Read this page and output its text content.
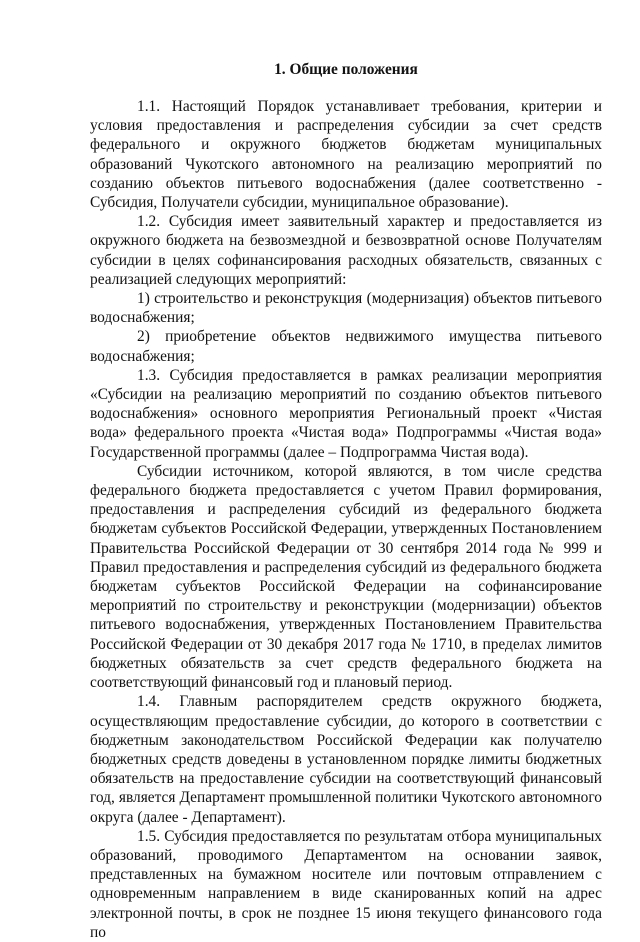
1. Общие положения

1.1. Настоящий Порядок устанавливает требования, критерии и условия предоставления и распределения субсидии за счет средств федерального и окружного бюджетов бюджетам муниципальных образований Чукотского автономного на реализацию мероприятий по созданию объектов питьевого водоснабжения (далее соответственно - Субсидия, Получатели субсидии, муниципальное образование).

1.2. Субсидия имеет заявительный характер и предоставляется из окружного бюджета на безвозмездной и безвозвратной основе Получателям субсидии в целях софинансирования расходных обязательств, связанных с реализацией следующих мероприятий:

1) строительство и реконструкция (модернизация) объектов питьевого водоснабжения;

2) приобретение объектов недвижимого имущества питьевого водоснабжения;

1.3. Субсидия предоставляется в рамках реализации мероприятия «Субсидии на реализацию мероприятий по созданию объектов питьевого водоснабжения» основного мероприятия Региональный проект «Чистая вода» федерального проекта «Чистая вода» Подпрограммы «Чистая вода» Государственной программы (далее – Подпрограмма Чистая вода).

Субсидии источником, которой являются, в том числе средства федерального бюджета предоставляется с учетом Правил формирования, предоставления и распределения субсидий из федерального бюджета бюджетам субъектов Российской Федерации, утвержденных Постановлением Правительства Российской Федерации от 30 сентября 2014 года № 999 и Правил предоставления и распределения субсидий из федерального бюджета бюджетам субъектов Российской Федерации на софинансирование мероприятий по строительству и реконструкции (модернизации) объектов питьевого водоснабжения, утвержденных Постановлением Правительства Российской Федерации от 30 декабря 2017 года № 1710, в пределах лимитов бюджетных обязательств за счет средств федерального бюджета на соответствующий финансовый год и плановый период.

1.4. Главным распорядителем средств окружного бюджета, осуществляющим предоставление субсидии, до которого в соответствии с бюджетным законодательством Российской Федерации как получателю бюджетных средств доведены в установленном порядке лимиты бюджетных обязательств на предоставление субсидии на соответствующий финансовый год, является Департамент промышленной политики Чукотского автономного округа (далее - Департамент).

1.5. Субсидия предоставляется по результатам отбора муниципальных образований, проводимого Департаментом на основании заявок, представленных на бумажном носителе или почтовым отправлением с одновременным направлением в виде сканированных копий на адрес электронной почты, в срок не позднее 15 июня текущего финансового года по
